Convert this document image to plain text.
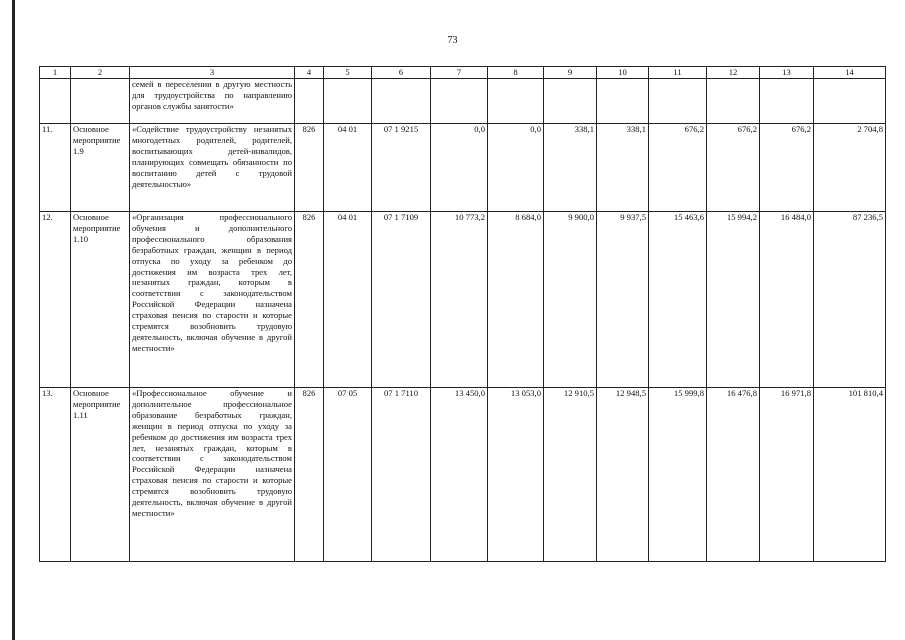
73
1	2	3	4	5	6	7	8	9	10	11	12	13	14
		семей в переселении в другую местность для трудоустройства по направлению органов службы занятости»											
11.	Основное мероприятие 1.9	«Содействие трудоустройству незанятых многодетных родителей, родителей, воспитывающих детей-инвалидов, планирующих совмещать обязанности по воспитанию детей с трудовой деятельностью»	826	04 01	07 1 9215	0,0	0,0	338,1	338,1	676,2	676,2	676,2	2 704,8
12.	Основное мероприятие 1.10	«Организация профессионального обучения и дополнительного профессионального образования безработных граждан, женщин в период отпуска по уходу за ребенком до достижения им возраста трех лет, незанятых граждан, которым в соответствии с законодательством Российской Федерации назначена страховая пенсия по старости и которые стремятся возобновить трудовую деятельность, включая обучение в другой местности»	826	04 01	07 1 7109	10 773,2	8 684,0	9 900,0	9 937,5	15 463,6	15 994,2	16 484,0	87 236,5
13.	Основное мероприятие 1.11	«Профессиональное обучение и дополнительное профессиональное образование безработных граждан, женщин в период отпуска по уходу за ребенком до достижения им возраста трех лет, незанятых граждан, которым в соответствии с законодательством Российской Федерации назначена страховая пенсия по старости и которые стремятся возобновить трудовую деятельность, включая обучение в другой местности»	826	07 05	07 1 7110	13 450,0	13 053,0	12 910,5	12 948,5	15 999,8	16 476,8	16 971,8	101 810,4
